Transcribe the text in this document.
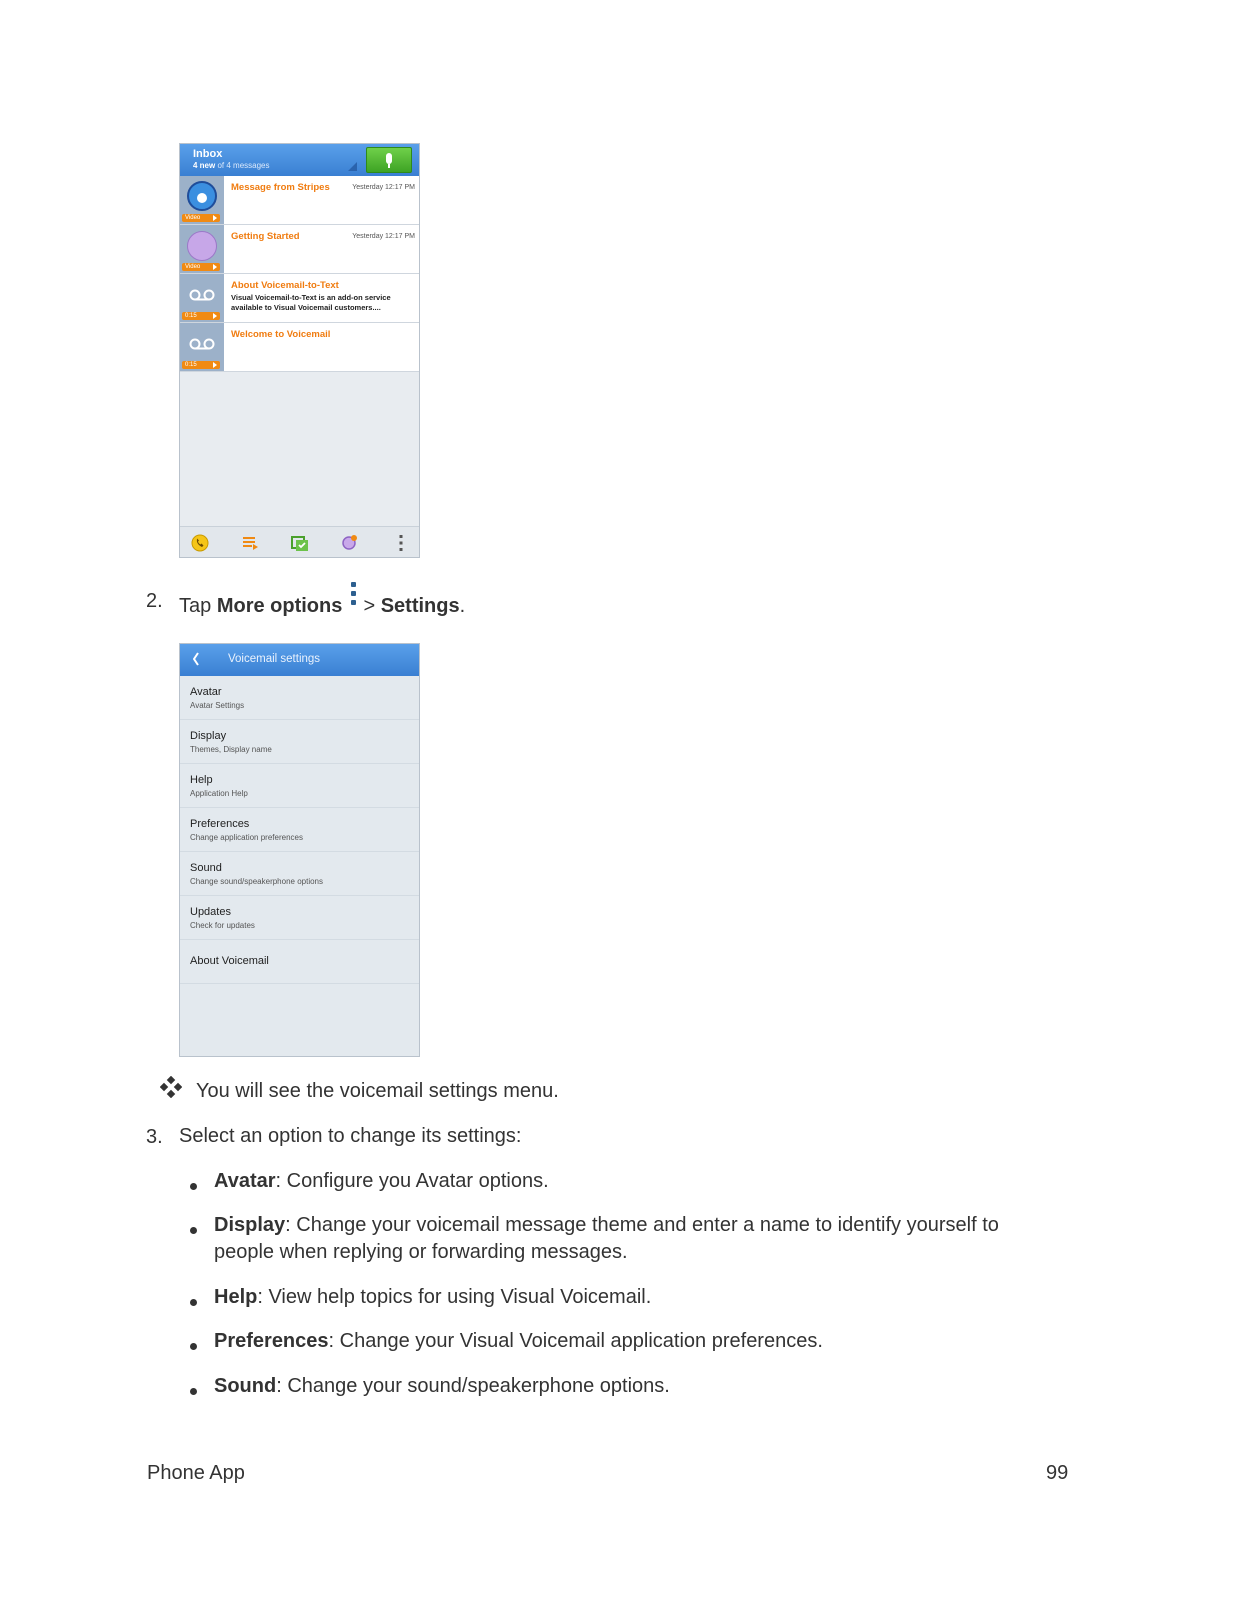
Inbox
4 new of 4 messages
Video
Message from Stripes	Yesterday 12:17 PM
Video
Getting Started	Yesterday 12:17 PM
0:15
About Voicemail-to-Text
Visual Voicemail-to-Text is an add-on service available to Visual Voicemail customers....
0:15
Welcome to Voicemail
2. Tap More options
> Settings.
Voicemail settings
Avatar
Avatar Settings
Display
Themes, Display name
Help
Application Help
Preferences
Change application preferences
Sound
Change sound/speakerphone options
Updates
Check for updates
About Voicemail
You will see the voicemail settings menu.
3. Select an option to change its settings:
Avatar: Configure you Avatar options.
Display: Change your voicemail message theme and enter a name to identify yourself to people when replying or forwarding messages.
Help: View help topics for using Visual Voicemail.
Preferences: Change your Visual Voicemail application preferences.
Sound: Change your sound/speakerphone options.
Phone App	99
